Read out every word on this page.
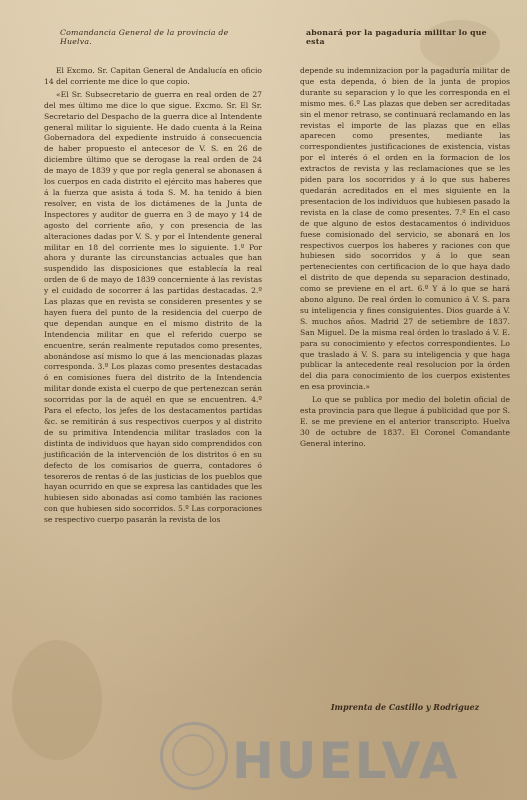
Comandancia General de la provincia de Huelva.
abonará por la pagaduría militar lo que esta

El Excmo. Sr. Capitan General de Andalucía en oficio 14 del corriente me dice lo que copio.

«El Sr. Subsecretario de guerra en real orden de 27 del mes último me dice lo que sigue. Excmo. Sr. El Sr. Secretario del Despacho de la guerra dice al Intendente general militar lo siguiente. He dado cuenta á la Reina Gobernadora del expediente instruido á consecuencia de haber propuesto el antecesor de V. S. en 26 de diciembre último que se derogase la real orden de 24 de mayo de 1839 y que por regla general se abonasen á los cuerpos en cada distrito el ejército mas haberes que á la fuerza que asista á toda S. M. ha tenido á bien resolver, en vista de los dictámenes de la Junta de Inspectores y auditor de guerra en 3 de mayo y 14 de agosto del corriente año, y con presencia de las alteraciones dadas por V. S. y por el Intendente general militar en 18 del corriente mes lo siguiente. 1.º Por ahora y durante las circunstancias actuales que han suspendido las disposiciones que establecía la real orden de 6 de mayo de 1839 concerniente á las revistas y el cuidado de socorrer á las partidas destacadas. 2.º Las plazas que en revista se consideren presentes y se hayen fuera del punto de la residencia del cuerpo de que dependan aunque en el mismo distrito de la Intendencia militar en que el referido cuerpo se encuentre, serán realmente reputados como presentes, abonándose así mismo lo que á las mencionadas plazas corresponda. 3.º Los plazas como presentes destacadas ó en comisiones fuera del distrito de la Intendencia militar donde exista el cuerpo de que pertenezcan serán socorridas por la de aquél en que se encuentren. 4.º Para el efecto, los jefes de los destacamentos partidas &c. se remitirán á sus respectivos cuerpos y al distrito de su primitiva Intendencia militar traslados con la distinta de individuos que hayan sido comprendidos con justificación de la intervención de los distritos ó en su defecto de los comisarios de guerra, contadores ó tesoreros de rentas ó de las justicias de los pueblos que hayan ocurrido en que se expresa las cantidades que les hubiesen sido abonadas así como también las raciones con que hubiesen sido socorridos. 5.º Las corporaciones se respectivo cuerpo pasarán la revista de los

depende su indemnizacion por la pagaduría militar de que esta dependa, ó bien de la junta de propios durante su separacion y lo que les corresponda en el mismo mes. 6.º Las plazas que deben ser acreditadas sin el menor retraso, se continuará reclamando en las revistas el importe de las plazas que en ellas aparecen como presentes, mediante las correspondientes justificaciones de existencia, vistas por el interés ó el orden en la formacion de los extractos de revista y las reclamaciones que se les piden para los socorridos y á lo que sus haberes quedarán acreditados en el mes siguiente en la presentacion de los individuos que hubiesen pasado la revista en la clase de como presentes. 7.º En el caso de que alguno de estos destacamentos ó individuos fuese comisionado del servicio, se abonará en los respectivos cuerpos los haberes y raciones con que hubiesen sido socorridos y á lo que sean pertenecientes con certificacion de lo que haya dado el distrito de que dependa su separacion destinado, como se previene en el art. 6.º Y á lo que se hará abono alguno. De real órden lo comunico á V. S. para su inteligencia y fines consiguientes. Dios guarde á V. S. muchos años. Madrid 27 de setiembre de 1837. San Miguel. De la misma real órden lo traslado á V. E. para su conocimiento y efectos correspondientes. Lo que traslado á V. S. para su inteligencia y que haga publicar la antecedente real resolucion por la órden del dia para conocimiento de los cuerpos existentes en esa provincia.»

Lo que se publica por medio del boletin oficial de esta provincia para que llegue á publicidad que por S. E. se me previene en el anterior transcripto. Huelva 30 de octubre de 1837. El Coronel Comandante General interino.

Imprenta de Castillo y Rodriguez
HUELVA
